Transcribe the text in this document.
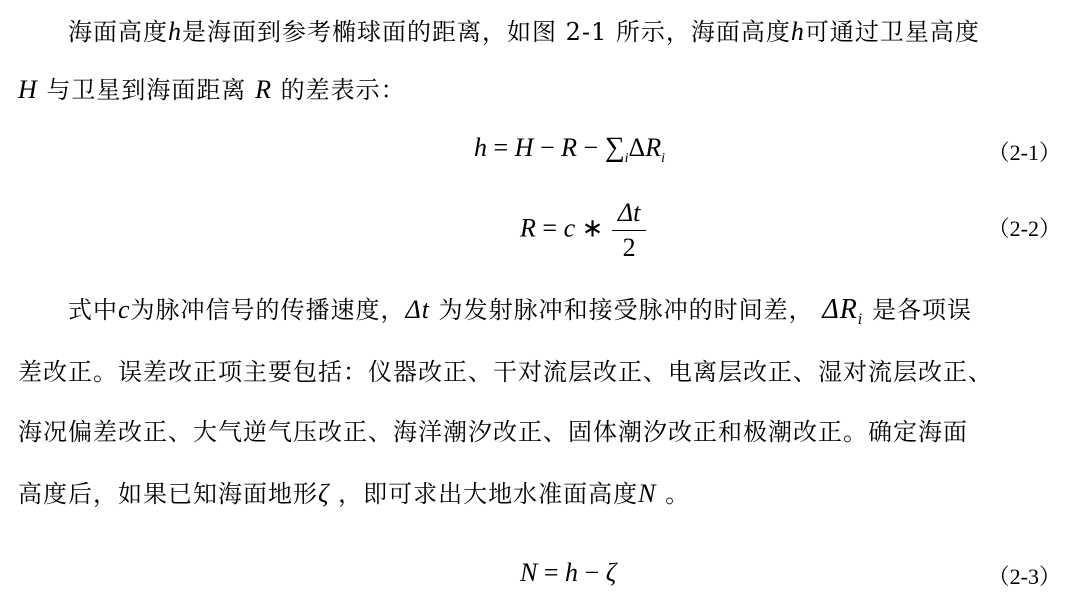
海面高度h是海面到参考椭球面的距离，如图 2-1 所示，海面高度h可通过卫星高度
H 与卫星到海面距离 R 的差表示：
$h = H - R - \sum_i\Delta R_i$	（2-1）
R = c ∗ $\frac{\Delta t}{2}$	（2-2）
式中c为脉冲信号的传播速度，Δt 为发射脉冲和接受脉冲的时间差， $\Delta R_i$ 是各项误
差改正。误差改正项主要包括：仪器改正、干对流层改正、电离层改正、湿对流层改正、
海况偏差改正、大气逆气压改正、海洋潮汐改正、固体潮汐改正和极潮改正。确定海面
高度后，如果已知海面地形ζ ，即可求出大地水准面高度N 。
N = h − ζ	（2-3）
